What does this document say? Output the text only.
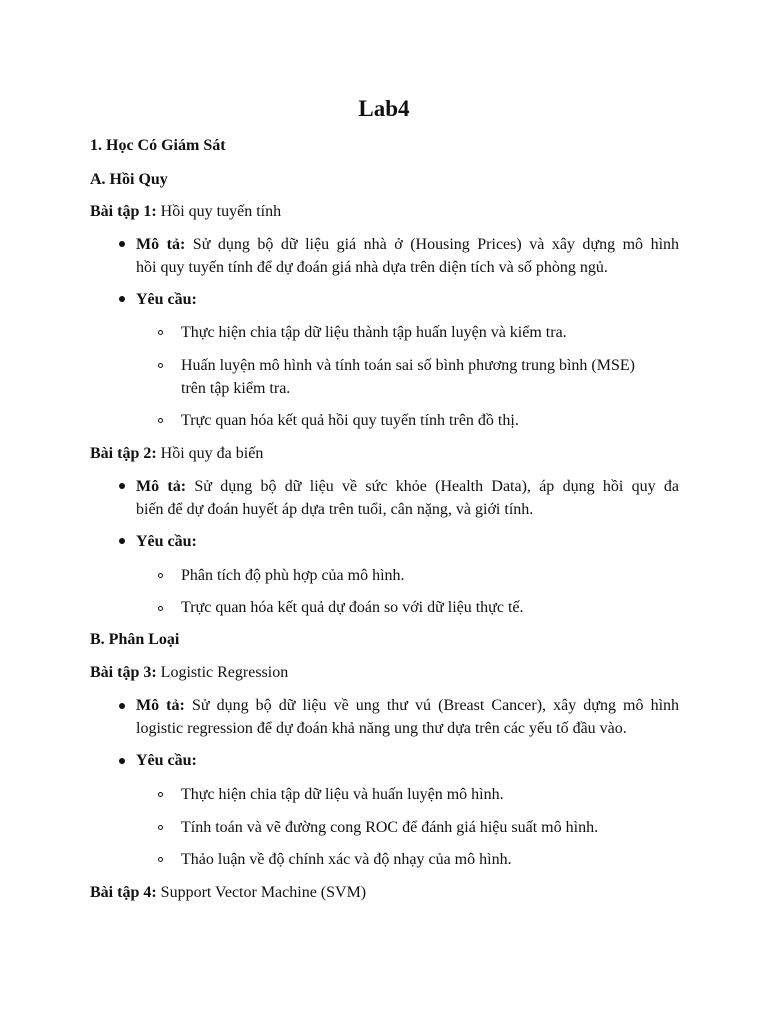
Lab4
1. Học Có Giám Sát
A. Hồi Quy
Bài tập 1: Hồi quy tuyến tính
Mô tả: Sử dụng bộ dữ liệu giá nhà ở (Housing Prices) và xây dựng mô hình
hồi quy tuyến tính để dự đoán giá nhà dựa trên diện tích và số phòng ngủ.
Yêu cầu:
Thực hiện chia tập dữ liệu thành tập huấn luyện và kiểm tra.
Huấn luyện mô hình và tính toán sai số bình phương trung bình (MSE)
trên tập kiểm tra.
Trực quan hóa kết quả hồi quy tuyến tính trên đồ thị.
Bài tập 2: Hồi quy đa biến
Mô tả: Sử dụng bộ dữ liệu về sức khỏe (Health Data), áp dụng hồi quy đa
biến để dự đoán huyết áp dựa trên tuổi, cân nặng, và giới tính.
Yêu cầu:
Phân tích độ phù hợp của mô hình.
Trực quan hóa kết quả dự đoán so với dữ liệu thực tế.
B. Phân Loại
Bài tập 3: Logistic Regression
Mô tả: Sử dụng bộ dữ liệu về ung thư vú (Breast Cancer), xây dựng mô hình
logistic regression để dự đoán khả năng ung thư dựa trên các yếu tố đầu vào.
Yêu cầu:
Thực hiện chia tập dữ liệu và huấn luyện mô hình.
Tính toán và vẽ đường cong ROC để đánh giá hiệu suất mô hình.
Thảo luận về độ chính xác và độ nhạy của mô hình.
Bài tập 4: Support Vector Machine (SVM)
